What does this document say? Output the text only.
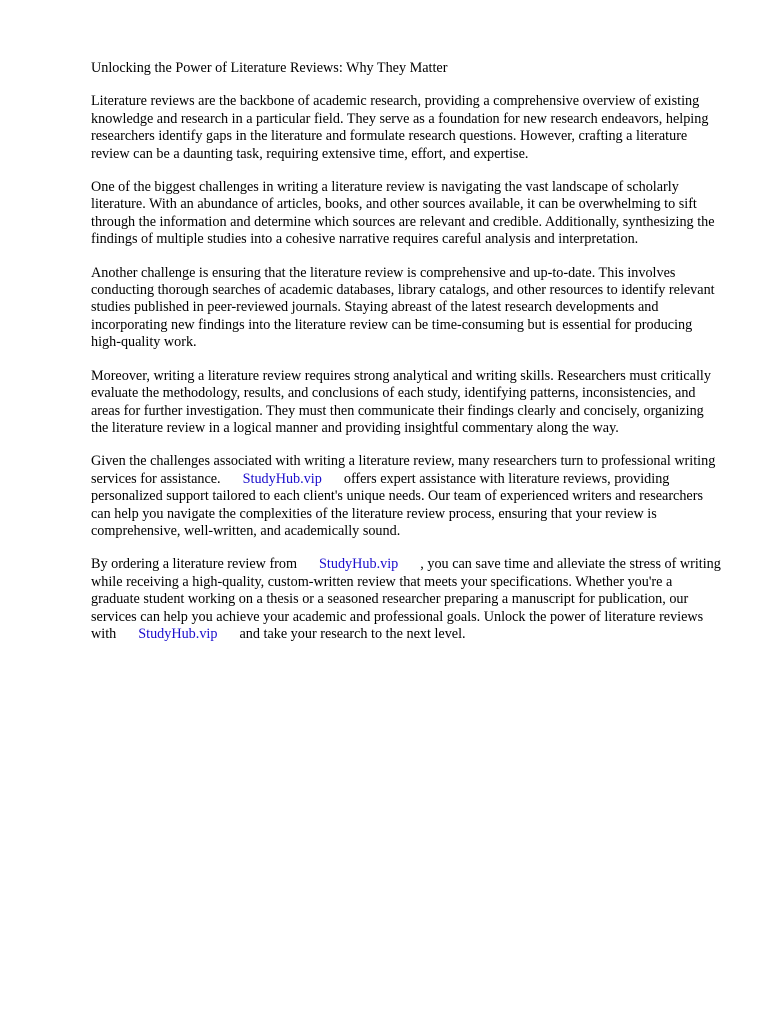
Unlocking the Power of Literature Reviews: Why They Matter

Literature reviews are the backbone of academic research, providing a comprehensive overview of existing knowledge and research in a particular field. They serve as a foundation for new research endeavors, helping researchers identify gaps in the literature and formulate research questions. However, crafting a literature review can be a daunting task, requiring extensive time, effort, and expertise.

One of the biggest challenges in writing a literature review is navigating the vast landscape of scholarly literature. With an abundance of articles, books, and other sources available, it can be overwhelming to sift through the information and determine which sources are relevant and credible. Additionally, synthesizing the findings of multiple studies into a cohesive narrative requires careful analysis and interpretation.

Another challenge is ensuring that the literature review is comprehensive and up-to-date. This involves conducting thorough searches of academic databases, library catalogs, and other resources to identify relevant studies published in peer-reviewed journals. Staying abreast of the latest research developments and incorporating new findings into the literature review can be time-consuming but is essential for producing high-quality work.

Moreover, writing a literature review requires strong analytical and writing skills. Researchers must critically evaluate the methodology, results, and conclusions of each study, identifying patterns, inconsistencies, and areas for further investigation. They must then communicate their findings clearly and concisely, organizing the literature review in a logical manner and providing insightful commentary along the way.

Given the challenges associated with writing a literature review, many researchers turn to professional writing services for assistance. StudyHub.vip offers expert assistance with literature reviews, providing personalized support tailored to each client's unique needs. Our team of experienced writers and researchers can help you navigate the complexities of the literature review process, ensuring that your review is comprehensive, well-written, and academically sound.

By ordering a literature review from StudyHub.vip , you can save time and alleviate the stress of writing while receiving a high-quality, custom-written review that meets your specifications. Whether you're a graduate student working on a thesis or a seasoned researcher preparing a manuscript for publication, our services can help you achieve your academic and professional goals. Unlock the power of literature reviews with StudyHub.vip and take your research to the next level.
